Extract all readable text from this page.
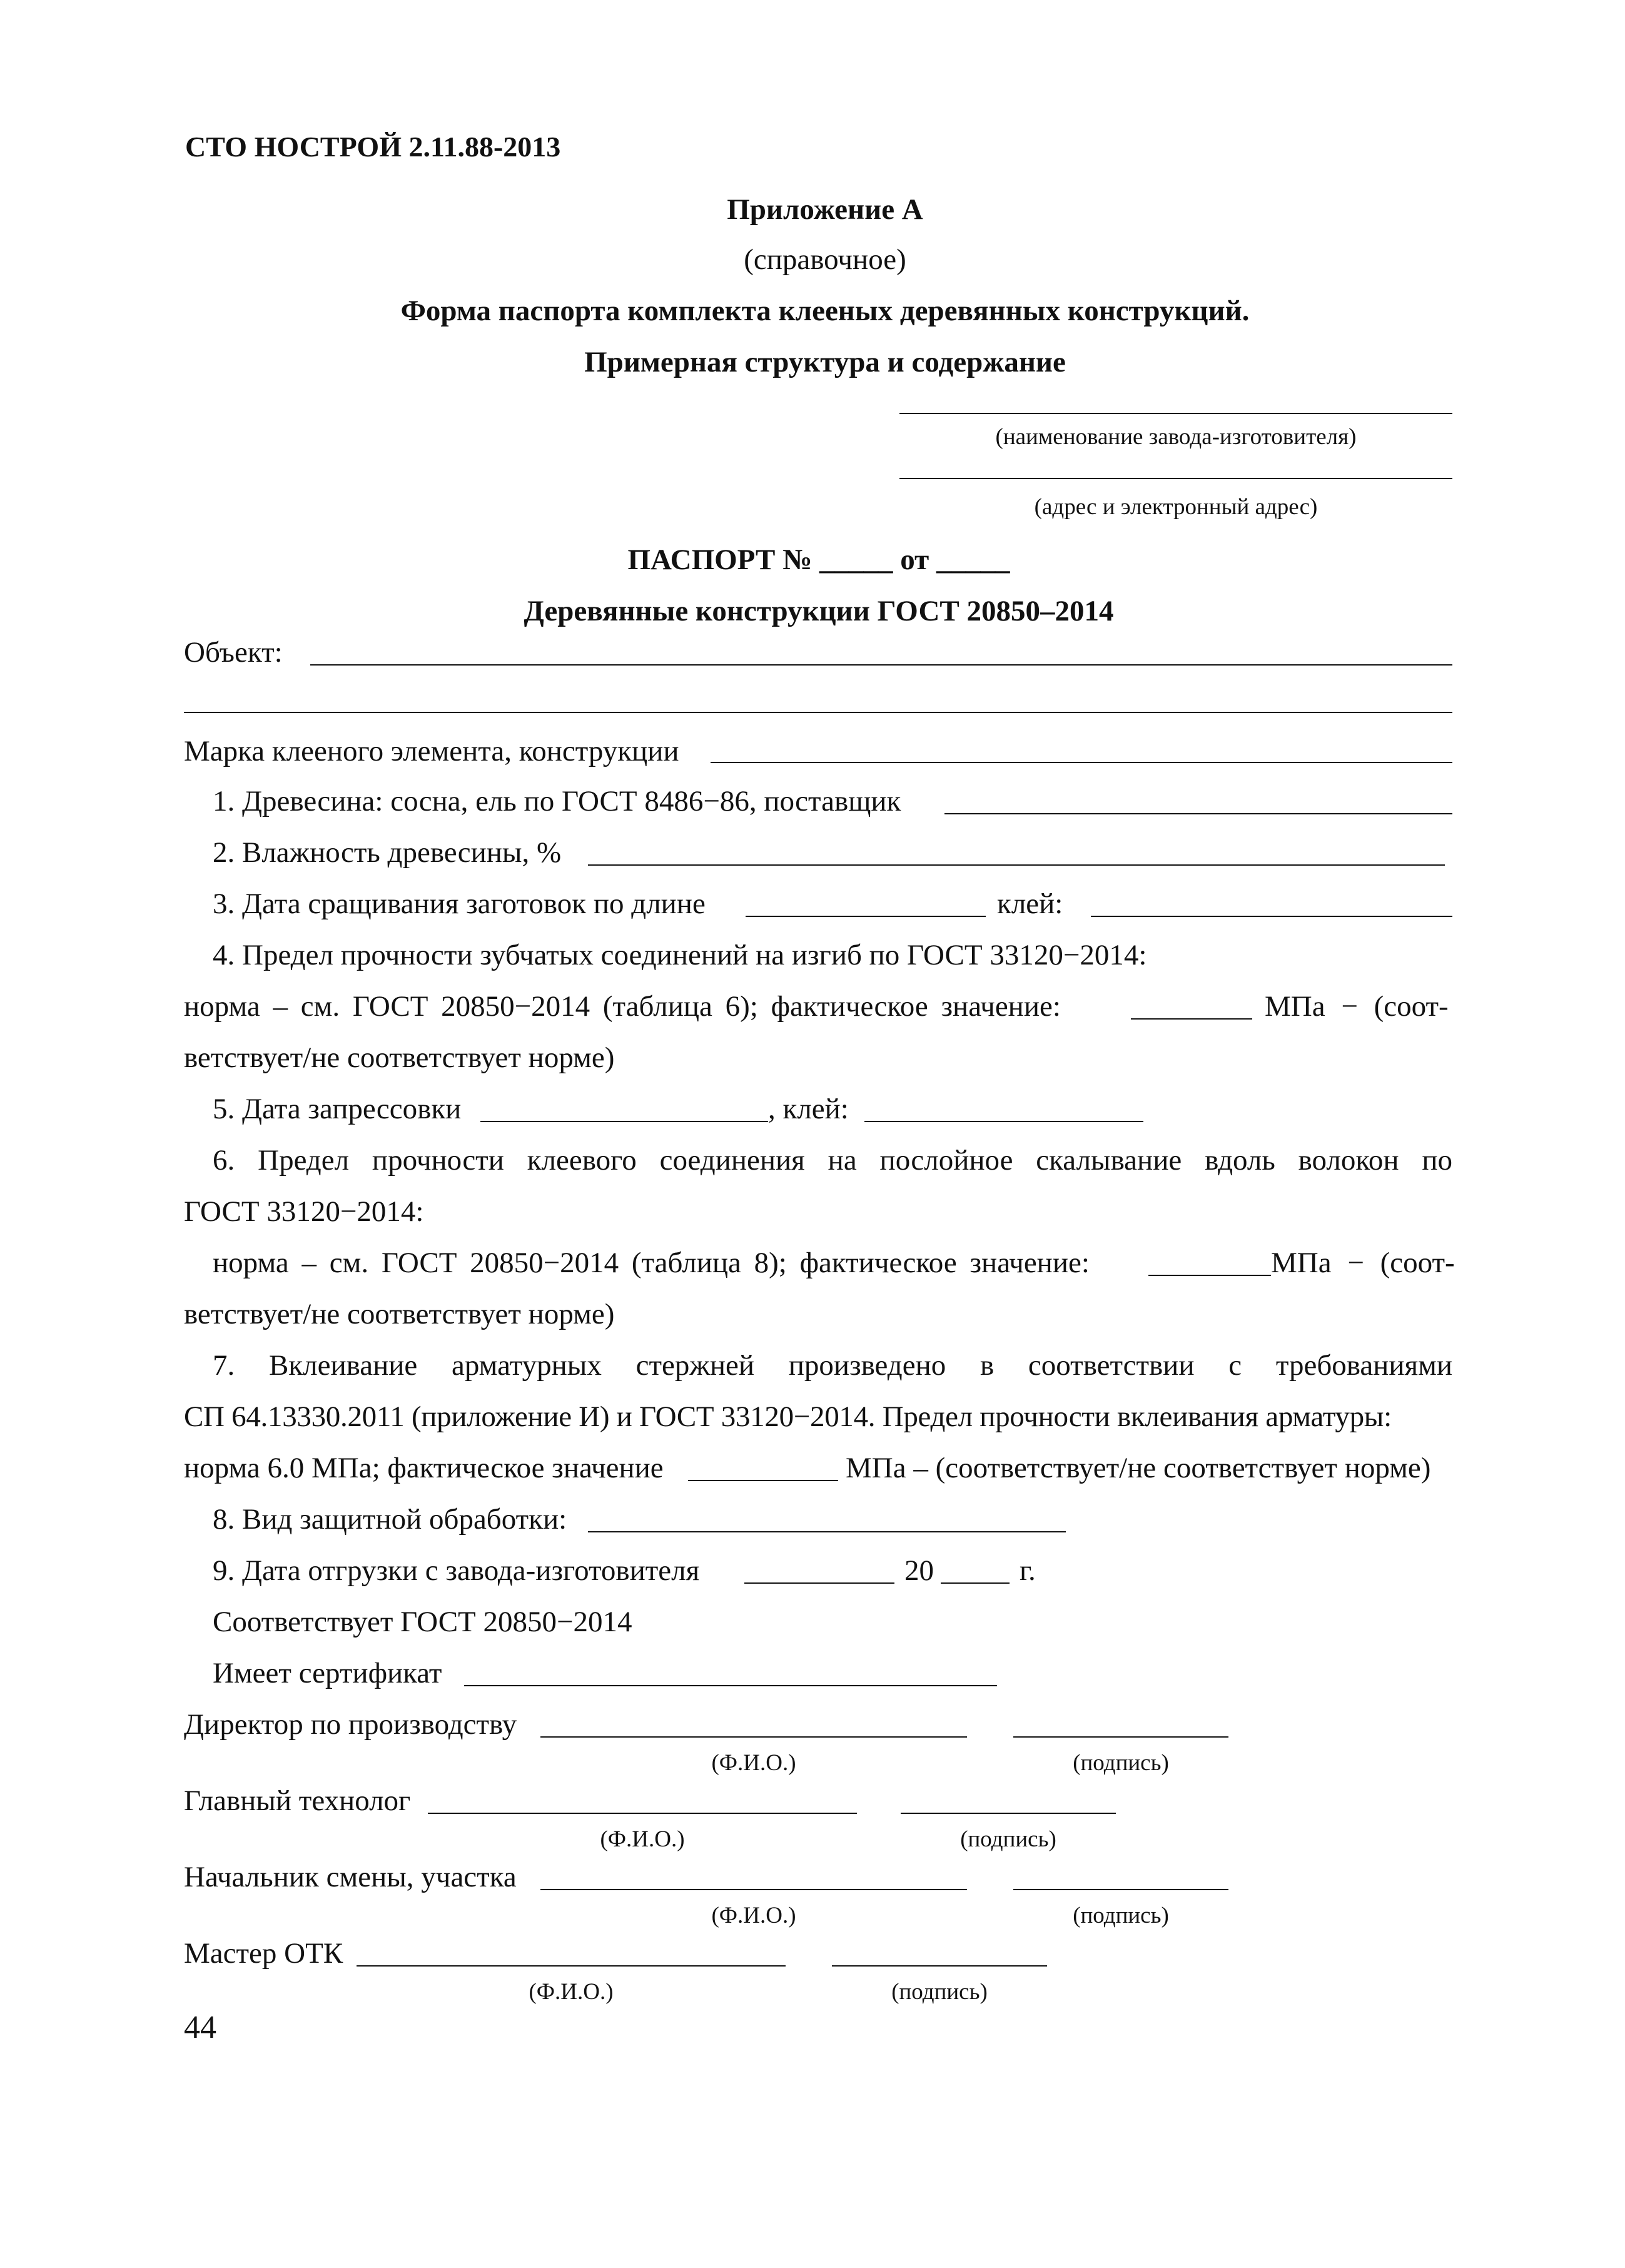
СТО НОСТРОЙ 2.11.88-2013
Приложение А
(справочное)
Форма паспорта комплекта клееных деревянных конструкций.
Примерная структура и содержание
(наименование завода-изготовителя)
(адрес и электронный адрес)
ПАСПОРТ № _____ от _____
Деревянные конструкции ГОСТ 20850–2014
Объект:
Марка клееного элемента, конструкции
1. Древесина: сосна, ель по ГОСТ 8486−86, поставщик
2. Влажность древесины, %
3. Дата сращивания заготовок по длине	клей:
4. Предел прочности зубчатых соединений на изгиб по ГОСТ 33120−2014:
норма – см. ГОСТ 20850−2014 (таблица 6); фактическое значение:	МПа − (соот-
ветствует/не соответствует норме)
5. Дата запрессовки	, клей:
6. Предел прочности клеевого соединения на послойное скалывание вдоль волокон по
ГОСТ 33120−2014:
норма – см. ГОСТ 20850−2014 (таблица 8); фактическое значение:	МПа − (соот-
ветствует/не соответствует норме)
7. Вклеивание арматурных стержней произведено в соответствии с требованиями
СП 64.13330.2011 (приложение И) и ГОСТ 33120−2014. Предел прочности вклеивания арматуры:
норма 6.0 МПа; фактическое значение	МПа – (соответствует/не соответствует норме)
8. Вид защитной обработки:
9. Дата отгрузки с завода-изготовителя	20	г.
Соответствует ГОСТ 20850−2014
Имеет сертификат
Директор по производству
(Ф.И.О.)	(подпись)
Главный технолог
(Ф.И.О.)	(подпись)
Начальник смены, участка
(Ф.И.О.)	(подпись)
Мастер ОТК
(Ф.И.О.)	(подпись)
44
